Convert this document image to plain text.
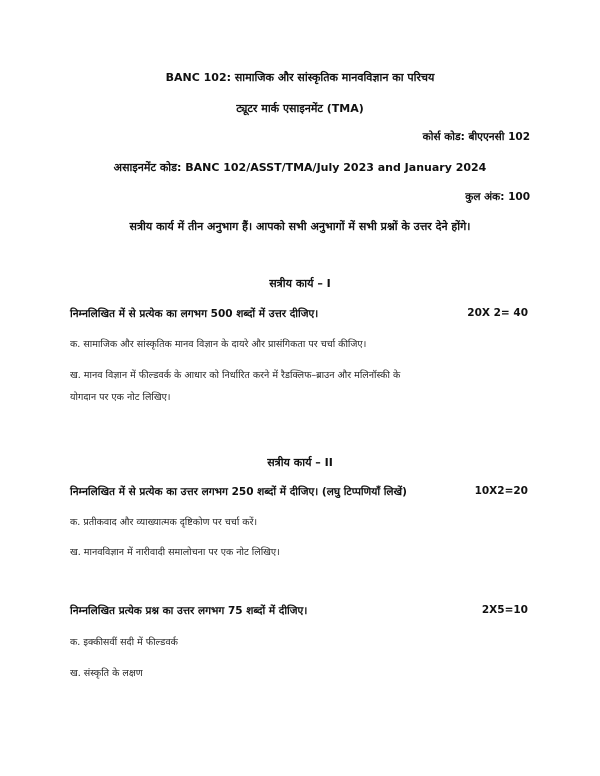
BANC 102: सामाजिक और सांस्कृतिक मानवविज्ञान का परिचय
ट्यूटर मार्क एसाइनमेंट (TMA)
कोर्स कोड: बीएएनसी 102
असाइनमेंट कोड: BANC 102/ASST/TMA/July 2023 and January 2024
कुल अंक: 100
सत्रीय कार्य में तीन अनुभाग हैं। आपको सभी अनुभागों में सभी प्रश्नों के उत्तर देने होंगे।
सत्रीय कार्य – I
निम्नलिखित में से प्रत्येक का लगभग 500 शब्दों में उत्तर दीजिए।	20X 2= 40
क. सामाजिक और सांस्कृतिक मानव विज्ञान के दायरे और प्रासंगिकता पर चर्चा कीजिए।
ख. मानव विज्ञान में फील्डवर्क के आधार को निर्धारित करने में रैडक्लिफ–ब्राउन और मलिनॉस्की के
योगदान पर एक नोट लिखिए।
सत्रीय कार्य – II
निम्नलिखित में से प्रत्येक का उत्तर लगभग 250 शब्दों में दीजिए। (लघु टिप्पणियाँ लिखें)	10X2=20
क. प्रतीकवाद और व्याख्यात्मक दृष्टिकोण पर चर्चा करें।
ख. मानवविज्ञान में नारीवादी समालोचना पर एक नोट लिखिए।
निम्नलिखित प्रत्येक प्रश्न का उत्तर लगभग 75 शब्दों में दीजिए।	2X5=10
क. इक्कीसवीं सदी में फील्डवर्क
ख. संस्कृति के लक्षण
